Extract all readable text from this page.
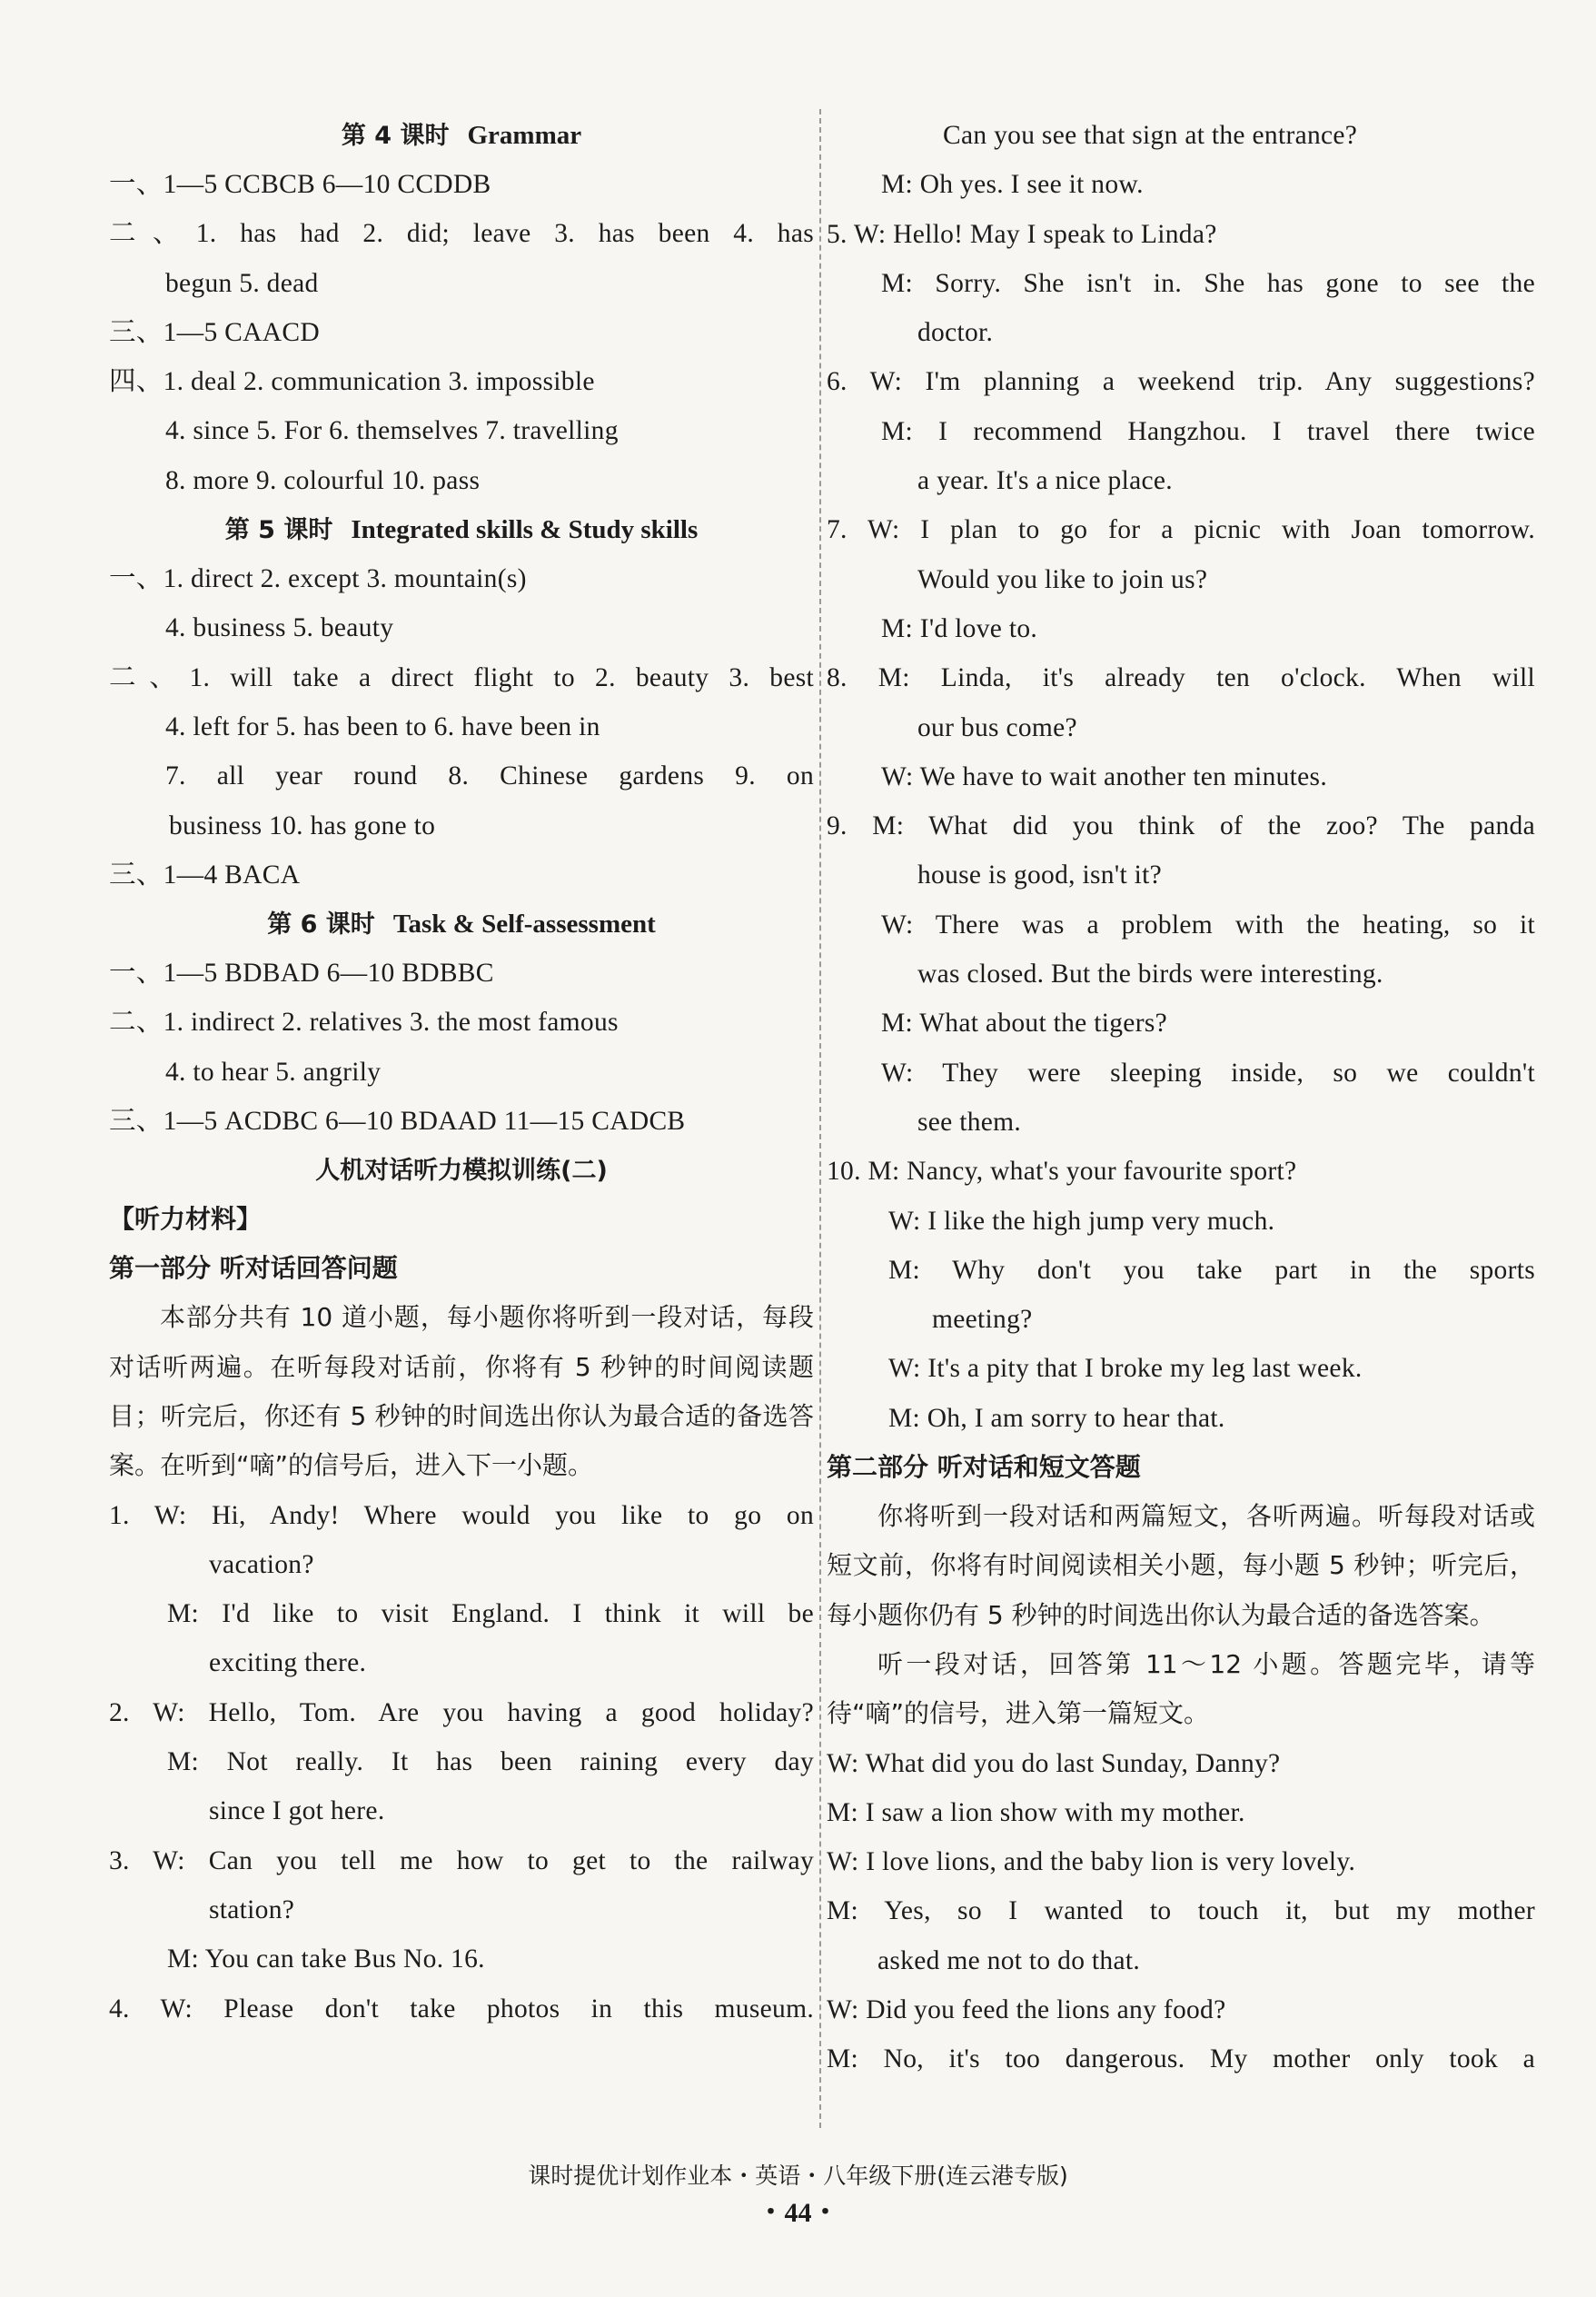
第 4 课时 Grammar
一、1—5 CCBCB 6—10 CCDDB
二、1. has had 2. did; leave 3. has been 4. has
begun 5. dead
三、1—5 CAACD
四、1. deal 2. communication 3. impossible
4. since 5. For 6. themselves 7. travelling
8. more 9. colourful 10. pass
第 5 课时 Integrated skills & Study skills
一、1. direct 2. except 3. mountain(s)
4. business 5. beauty
二、1. will take a direct flight to 2. beauty 3. best
4. left for 5. has been to 6. have been in
7. all year round 8. Chinese gardens 9. on
business 10. has gone to
三、1—4 BACA
第 6 课时 Task & Self-assessment
一、1—5 BDBAD 6—10 BDBBC
二、1. indirect 2. relatives 3. the most famous
4. to hear 5. angrily
三、1—5 ACDBC 6—10 BDAAD 11—15 CADCB
人机对话听力模拟训练(二)
【听力材料】
第一部分 听对话回答问题
本部分共有 10 道小题，每小题你将听到一段对话，每段对话听两遍。在听每段对话前，你将有 5 秒钟的时间阅读题目；听完后，你还有 5 秒钟的时间选出你认为最合适的备选答案。在听到“嘀”的信号后，进入下一小题。
1. W: Hi, Andy! Where would you like to go on
vacation?
M: I'd like to visit England. I think it will be
exciting there.
2. W: Hello, Tom. Are you having a good holiday?
M: Not really. It has been raining every day
since I got here.
3. W: Can you tell me how to get to the railway
station?
M: You can take Bus No. 16.
4. W: Please don't take photos in this museum.
Can you see that sign at the entrance?
M: Oh yes. I see it now.
5. W: Hello! May I speak to Linda?
M: Sorry. She isn't in. She has gone to see the
doctor.
6. W: I'm planning a weekend trip. Any suggestions?
M: I recommend Hangzhou. I travel there twice
a year. It's a nice place.
7. W: I plan to go for a picnic with Joan tomorrow.
Would you like to join us?
M: I'd love to.
8. M: Linda, it's already ten o'clock. When will
our bus come?
W: We have to wait another ten minutes.
9. M: What did you think of the zoo? The panda
house is good, isn't it?
W: There was a problem with the heating, so it
was closed. But the birds were interesting.
M: What about the tigers?
W: They were sleeping inside, so we couldn't
see them.
10. M: Nancy, what's your favourite sport?
W: I like the high jump very much.
M: Why don't you take part in the sports
meeting?
W: It's a pity that I broke my leg last week.
M: Oh, I am sorry to hear that.
第二部分 听对话和短文答题
你将听到一段对话和两篇短文，各听两遍。听每段对话或短文前，你将有时间阅读相关小题，每小题 5 秒钟；听完后，每小题你仍有 5 秒钟的时间选出你认为最合适的备选答案。
听一段对话，回答第 11～12 小题。答题完毕，请等待“嘀”的信号，进入第一篇短文。
W: What did you do last Sunday, Danny?
M: I saw a lion show with my mother.
W: I love lions, and the baby lion is very lovely.
M: Yes, so I wanted to touch it, but my mother
asked me not to do that.
W: Did you feed the lions any food?
M: No, it's too dangerous. My mother only took a
课时提优计划作业本・英语・八年级下册(连云港专版)
・44・
